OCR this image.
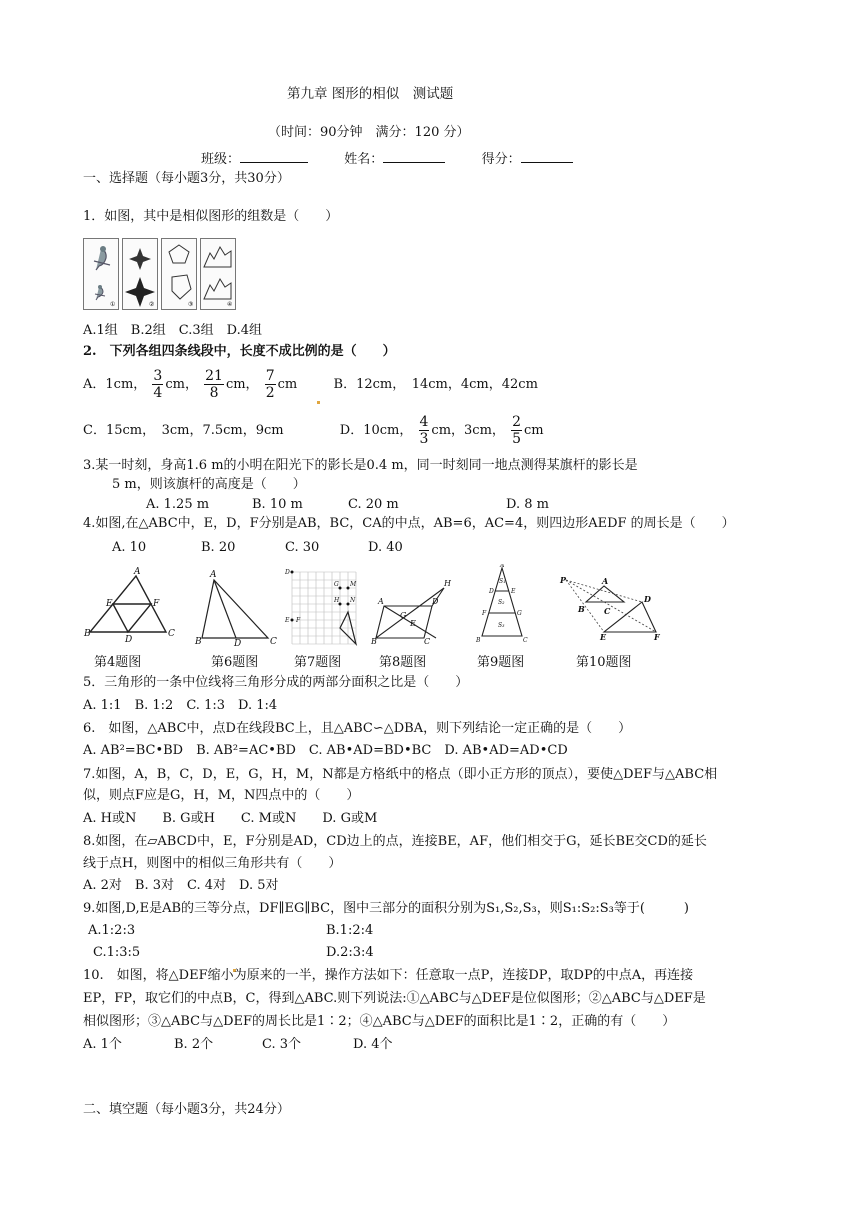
第九章 图形的相似　测试题
（时间：90分钟　满分：120 分）
班级：	姓名：	得分：
一、选择题（每小题3分，共30分）
1．如图，其中是相似图形的组数是（　　）
①	②	③	④
A.1组　B.2组　C.3组　D.4组
2.　下列各组四条线段中，长度不成比例的是（　　）
A．1cm， $\frac{3}{4}$ cm， $\frac{21}{8}$ cm， $\frac{7}{2}$ cm	B．12cm，　14cm，4cm，42cm
C．15cm，　3cm，7.5cm，9cm	D．10cm， $\frac{4}{3}$ cm，3cm， $\frac{2}{5}$ cm
3.某一时刻，身高1.6 m的小明在阳光下的影长是0.4 m，同一时刻同一地点测得某旗杆的影长是
5 m，则该旗杆的高度是（　　）
A. 1.25 m	B. 10 m	C. 20 m	D. 8 m
4.如图,在△ABC中，E，D，F分别是AB，BC，CA的中点，AB=6，AC=4，则四边形AEDF 的周长是（　　）
A. 10	B. 20	C. 30	D. 40
A
E	F
B
D
C
A
B	D	C
D
G M
H N
E F
A	D
H
G
B	C
E
A
S₁
D	E
S₂
F	G
S₃
B	C
P	A
B C
D
E	F
第4题图	第6题图	第7题图	第8题图	第9题图	第10题图
5．三角形的一条中位线将三角形分成的两部分面积之比是（　　）
A. 1:1　B. 1:2　C. 1:3　D. 1:4
6.　如图，△ABC中，点D在线段BC上，且△ABC∽△DBA，则下列结论一定正确的是（　　）
A. AB²=BC•BD　B. AB²=AC•BD　C. AB•AD=BD•BC　D. AB•AD=AD•CD
7.如图，A，B，C，D，E，G，H，M，N都是方格纸中的格点（即小正方形的顶点），要使△DEF与△ABC相
似，则点F应是G，H，M，N四点中的（　　）
A. H或N　　B. G或H　　C. M或N　　D. G或M
8.如图，在▱ABCD中，E，F分别是AD，CD边上的点，连接BE，AF，他们相交于G，延长BE交CD的延长
线于点H，则图中的相似三角形共有（　　）
A. 2对　B. 3对　C. 4对　D. 5对
9.如图,D,E是AB的三等分点，DF∥EG∥BC，图中三部分的面积分别为S₁,S₂,S₃，则S₁:S₂:S₃等于(　　　)
A.1:2:3	B.1:2:4
C.1:3:5	D.2:3:4
10.　如图，将△DEF缩小为原来的一半，操作方法如下：任意取一点P，连接DP，取DP的中点A，再连接
EP，FP，取它们的中点B，C，得到△ABC.则下列说法:①△ABC与△DEF是位似图形；②△ABC与△DEF是
相似图形；③△ABC与△DEF的周长比是1∶2；④△ABC与△DEF的面积比是1∶2，正确的有（　　）
A. 1个	B. 2个	C. 3个	D. 4个
二、填空题（每小题3分，共24分）
